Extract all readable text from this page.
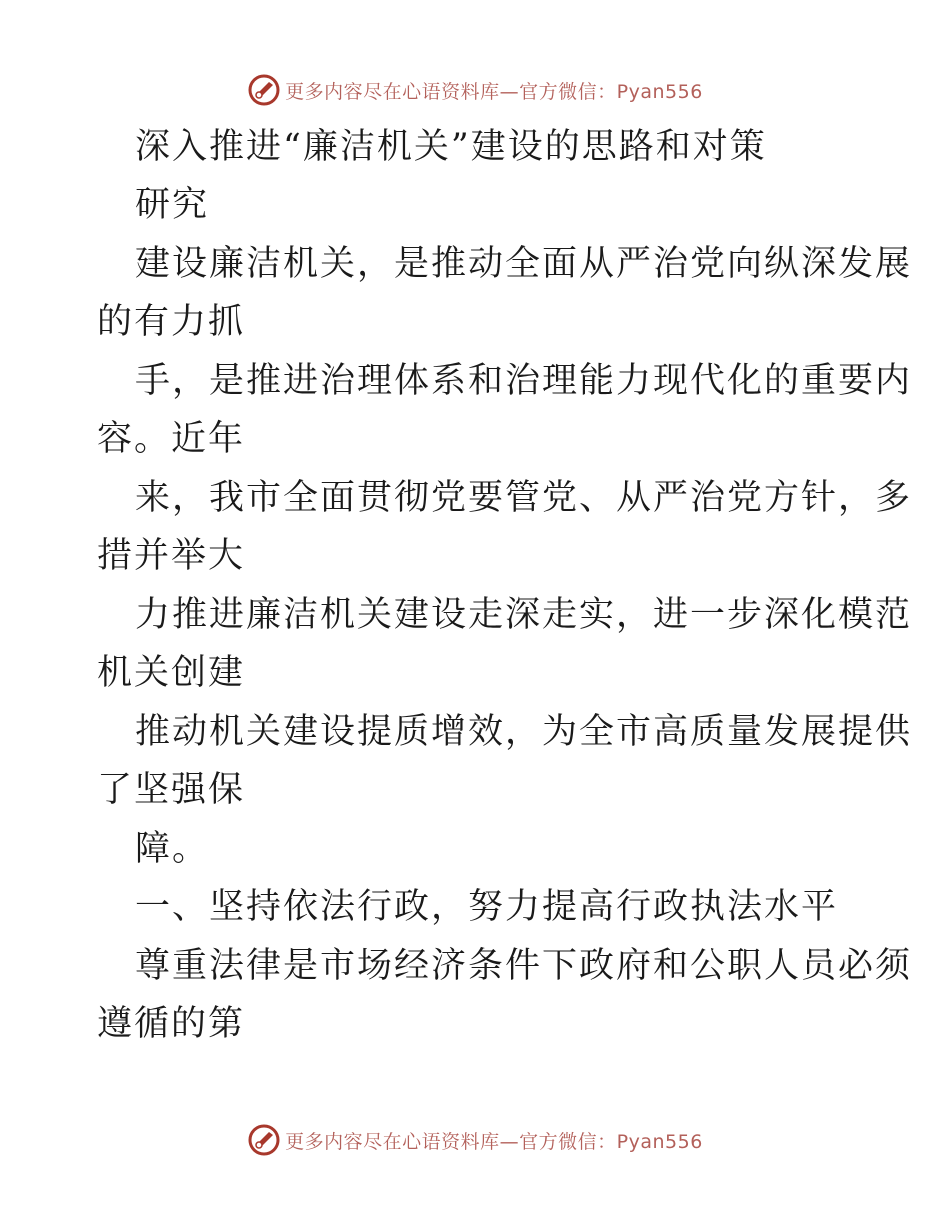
更多内容尽在心语资料库—官方微信：Pyan556
深入推进“廉洁机关”建设的思路和对策
研究
建设廉洁机关，是推动全面从严治党向纵深发展
的有力抓
手，是推进治理体系和治理能力现代化的重要内
容。近年
来，我市全面贯彻党要管党、从严治党方针，多
措并举大
力推进廉洁机关建设走深走实，进一步深化模范
机关创建
推动机关建设提质增效，为全市高质量发展提供
了坚强保
障。
一、坚持依法行政，努力提高行政执法水平
尊重法律是市场经济条件下政府和公职人员必须
遵循的第
更多内容尽在心语资料库—官方微信：Pyan556
